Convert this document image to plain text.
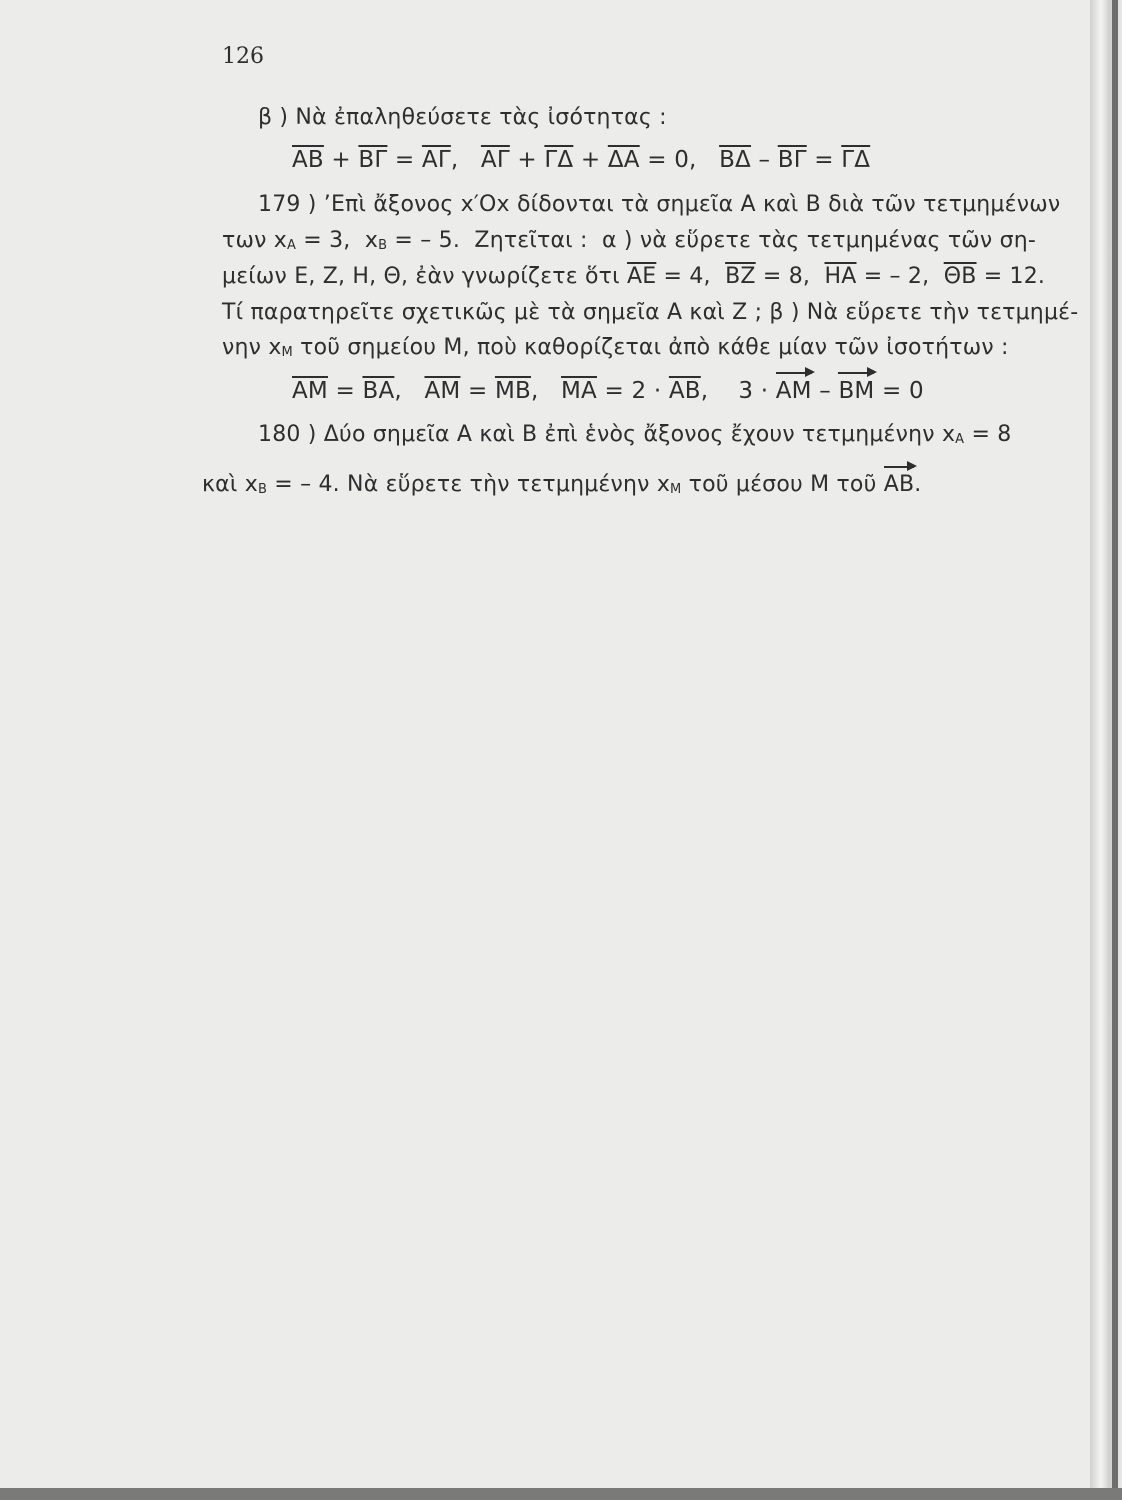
126
β ) Νὰ ἐπαληθεύσετε τὰς ἰσότητας :
$\overline{AB} + \overline{B\Gamma} = \overline{A\Gamma}$,   $\overline{A\Gamma} + \overline{\Gamma\Delta} + \overline{\Delta A} = 0$,   $\overline{B\Delta} - \overline{B\Gamma} = \overline{\Gamma\Delta}$
179 ) ’Επὶ ἄξονος x′Ox δίδονται τὰ σημεῖα A καὶ B διὰ τῶν τετμημένων
των xA = 3,  xB = – 5.  Ζητεῖται :  α ) νὰ εὕρετε τὰς τετμημένας τῶν ση-
μείων E, Z, H, Θ, ἐὰν γνωρίζετε ὅτι $\overline{AE} = 4$,  $\overline{BZ} = 8$,  $\overline{HA}$ = – 2,  $\overline{\Theta B} = 12$.
Τί παρατηρεῖτε σχετικῶς μὲ τὰ σημεῖα A καὶ Z ; β ) Νὰ εὕρετε τὴν τετμημέ-
νην xM τοῦ σημείου M, ποὺ καθορίζεται ἀπὸ κάθε μίαν τῶν ἰσοτήτων :
$\overline{AM} = \overline{BA}$,   $\overline{AM} = \overline{MB}$,   $\overline{MA} = 2 \cdot \overline{AB}$,    3 · AM – BM = 0
180 ) Δύο σημεῖα A καὶ B ἐπὶ ἑνὸς ἄξονος ἔχουν τετμημένην xA = 8
καὶ xB = – 4. Νὰ εὕρετε τὴν τετμημένην xM τοῦ μέσου M τοῦ AB.
